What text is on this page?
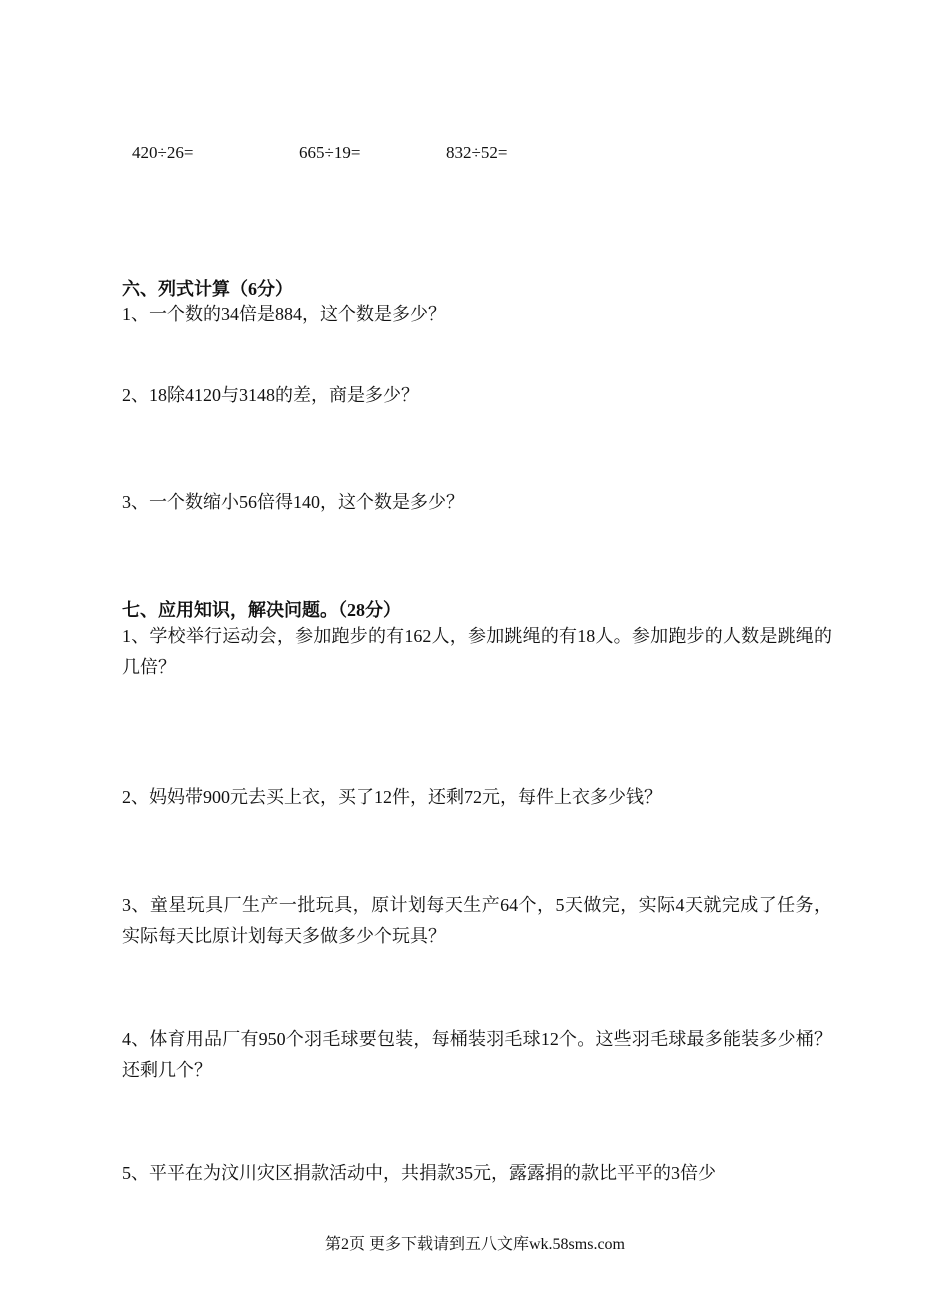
420÷26=	665÷19=	832÷52=
六、列式计算（6分）
1、一个数的34倍是884，这个数是多少？
2、18除4120与3148的差，商是多少？
3、一个数缩小56倍得140，这个数是多少？
七、应用知识，解决问题。（28分）
1、学校举行运动会，参加跑步的有162人，参加跳绳的有18人。参加跑步的人数是跳绳的几倍？
2、妈妈带900元去买上衣，买了12件，还剩72元，每件上衣多少钱？
3、童星玩具厂生产一批玩具，原计划每天生产64个，5天做完，实际4天就完成了任务，实际每天比原计划每天多做多少个玩具？
4、体育用品厂有950个羽毛球要包装，每桶装羽毛球12个。这些羽毛球最多能装多少桶？还剩几个？
5、平平在为汶川灾区捐款活动中，共捐款35元，露露捐的款比平平的3倍少
第2页 更多下载请到五八文库wk.58sms.com
